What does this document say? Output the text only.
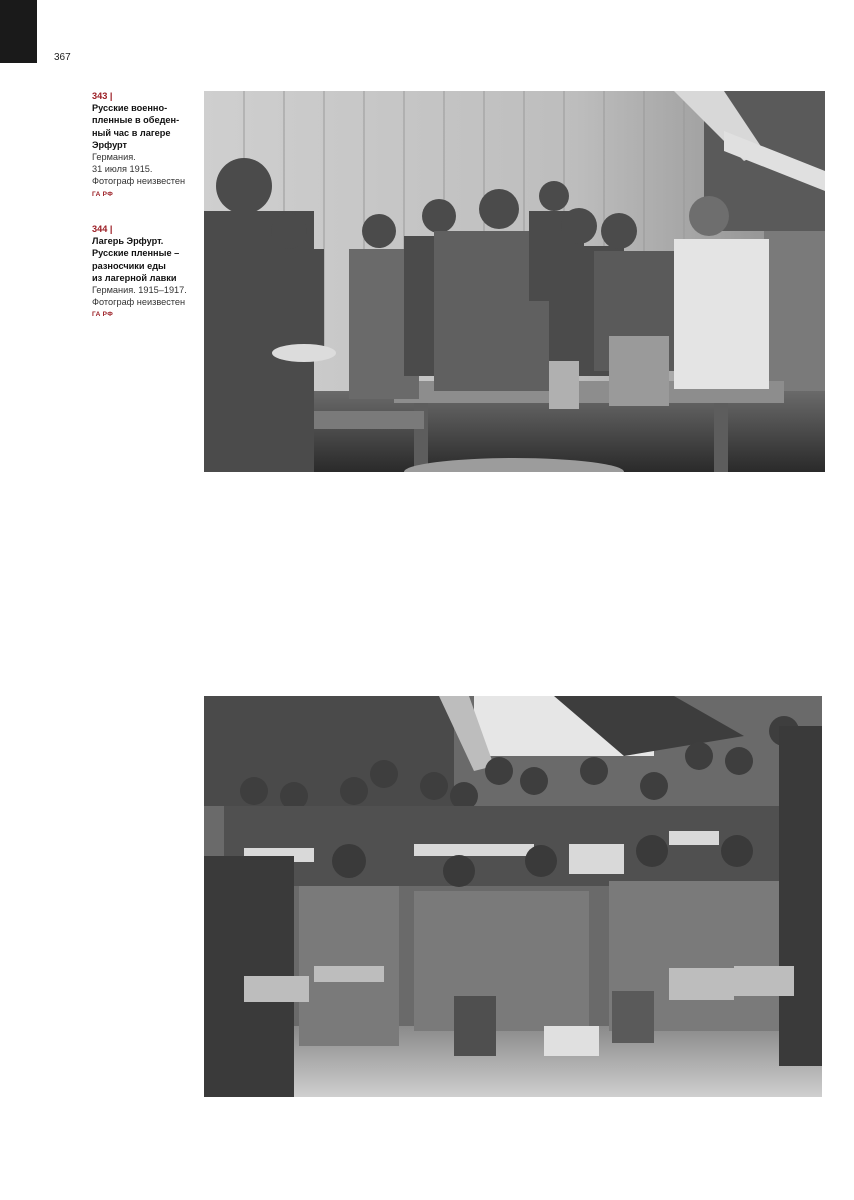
367
343 |
Русские военно-
пленные в обеден-
ный час в лагере
Эрфурт
Германия.
31 июля 1915.
Фотограф неизвестен
ГА РФ
344 |
Лагерь Эрфурт.
Русские пленные –
разносчики еды
из лагерной лавки
Германия. 1915–1917.
Фотограф неизвестен
ГА РФ
